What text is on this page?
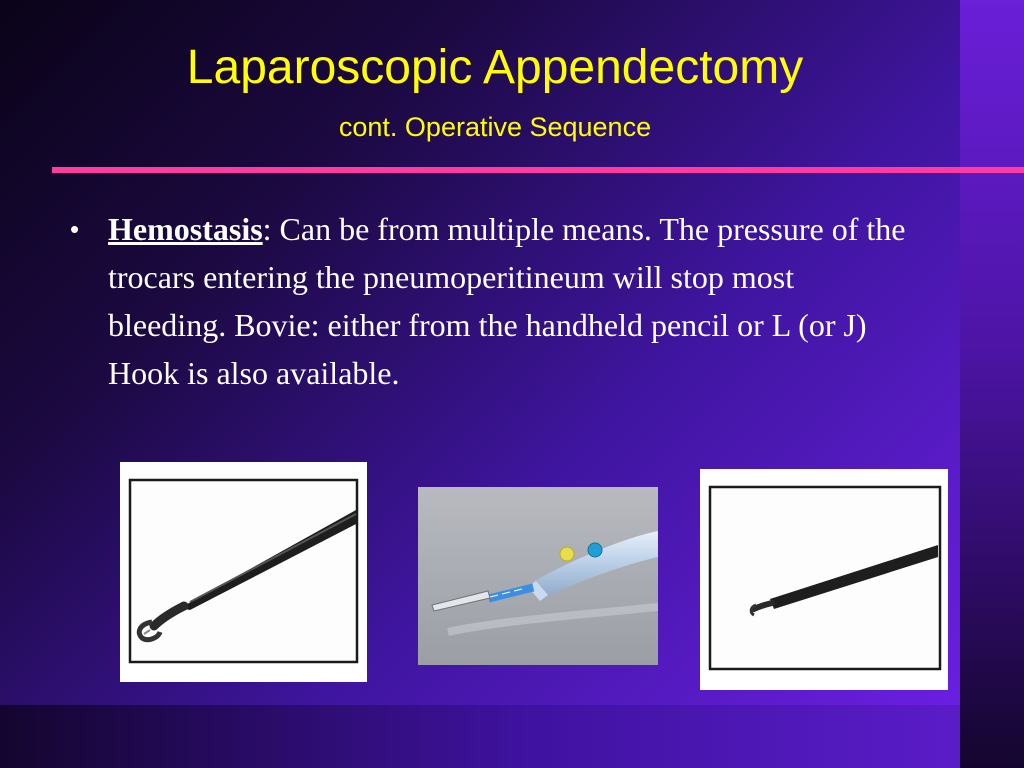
Laparoscopic Appendectomy
cont. Operative Sequence
• Hemostasis: Can be from multiple means. The pressure of the trocars entering the pneumoperitineum will stop most bleeding. Bovie: either from the handheld pencil or L (or J) Hook is also available.
